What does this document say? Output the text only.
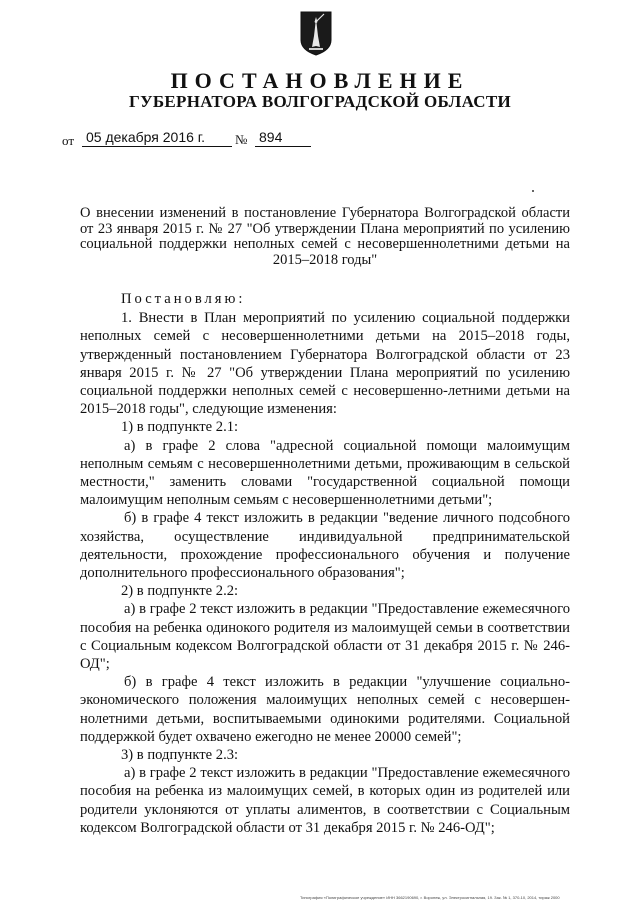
ПОСТАНОВЛЕНИЕ
ГУБЕРНАТОРА ВОЛГОГРАДСКОЙ ОБЛАСТИ
от 05 декабря 2016 г.	№ 894
О внесении изменений в постановление Губернатора Волгоградской области от 23 января 2015 г. № 27 "Об утверждении Плана мероприятий по усилению социальной поддержки неполных семей с несовершеннолетними детьми на 2015–2018 годы"

Постановляю:

1. Внести в План мероприятий по усилению социальной поддержки неполных семей с несовершеннолетними детьми на 2015–2018 годы, утвержденный постановлением Губернатора Волгоградской области от 23 января 2015 г. № 27 "Об утверждении Плана мероприятий по усилению социальной поддержки неполных семей с несовершенно-летними детьми на 2015–2018 годы", следующие изменения:

1) в подпункте 2.1:

а) в графе 2 слова "адресной социальной помощи малоимущим неполным семьям с несовершеннолетними детьми, проживающим в сельской местности," заменить словами "государственной социальной помощи малоимущим неполным семьям с несовершеннолетними детьми";

б) в графе 4 текст изложить в редакции "ведение личного подсобного хозяйства, осуществление индивидуальной предпринимательской деятельности, прохождение профессионального обучения и получение дополнительного профессионального образования";

2) в подпункте 2.2:

а) в графе 2 текст изложить в редакции "Предоставление ежемесячного пособия на ребенка одинокого родителя из малоимущей семьи в соответствии с Социальным кодексом Волгоградской области от 31 декабря 2015 г. № 246-ОД";

б) в графе 4 текст изложить в редакции "улучшение социально-экономического положения малоимущих неполных семей с несовершен-нолетними детьми, воспитываемыми одинокими родителями. Социальной поддержкой будет охвачено ежегодно не менее 20000 семей";

3) в подпункте 2.3:

а) в графе 2 текст изложить в редакции "Предоставление ежемесячного пособия на ребенка из малоимущих семей, в которых один из родителей или родители уклоняются от уплаты алиментов, в соответствии с Социальным кодексом Волгоградской области от 31 декабря 2015 г. № 246-ОД";

Типография «Полиграфическое учреждение» ИНН 3662190690, г. Воронеж, ул. Электросигнальная, 19. Зак. № 1, 370-10, 2014, тираж 2000
